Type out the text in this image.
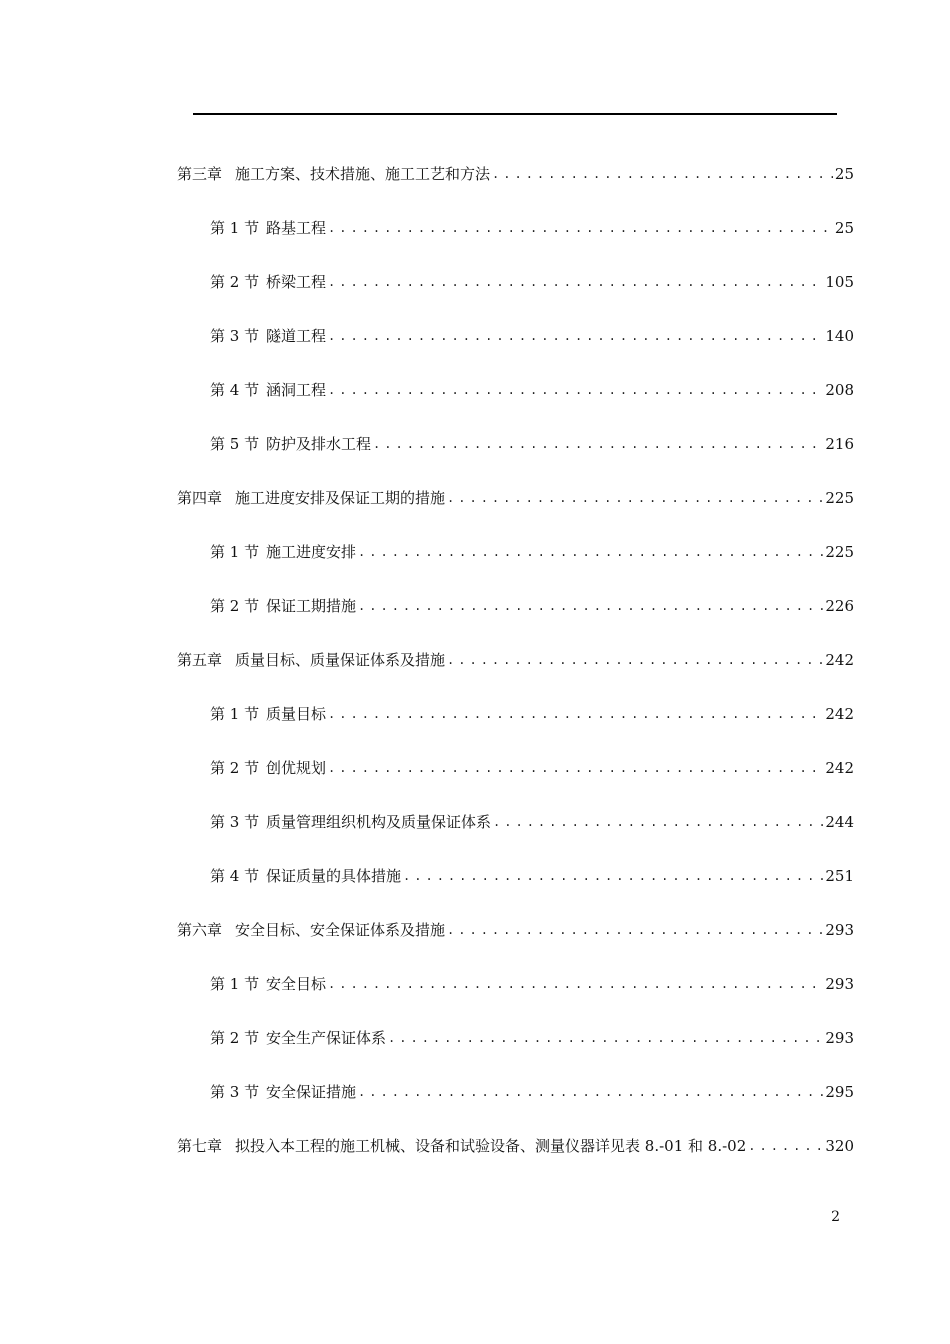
第三章 施工方案、技术措施、施工工艺和方法 .....	25
第 1 节 路基工程 .....	25
第 2 节 桥梁工程 .....	105
第 3 节 隧道工程 .....	140
第 4 节 涵洞工程 .....	208
第 5 节 防护及排水工程 .....	216
第四章 施工进度安排及保证工期的措施 .....	225
第 1 节 施工进度安排 .....	225
第 2 节 保证工期措施 .....	226
第五章 质量目标、质量保证体系及措施 .....	242
第 1 节 质量目标 .....	242
第 2 节 创优规划 .....	242
第 3 节 质量管理组织机构及质量保证体系 .....	244
第 4 节 保证质量的具体措施 .....	251
第六章 安全目标、安全保证体系及措施 .....	293
第 1 节 安全目标 .....	293
第 2 节 安全生产保证体系 .....	293
第 3 节 安全保证措施 .....	295
第七章 拟投入本工程的施工机械、设备和试验设备、测量仪器详见表 8.-01 和 8.-02 .....	320
2
